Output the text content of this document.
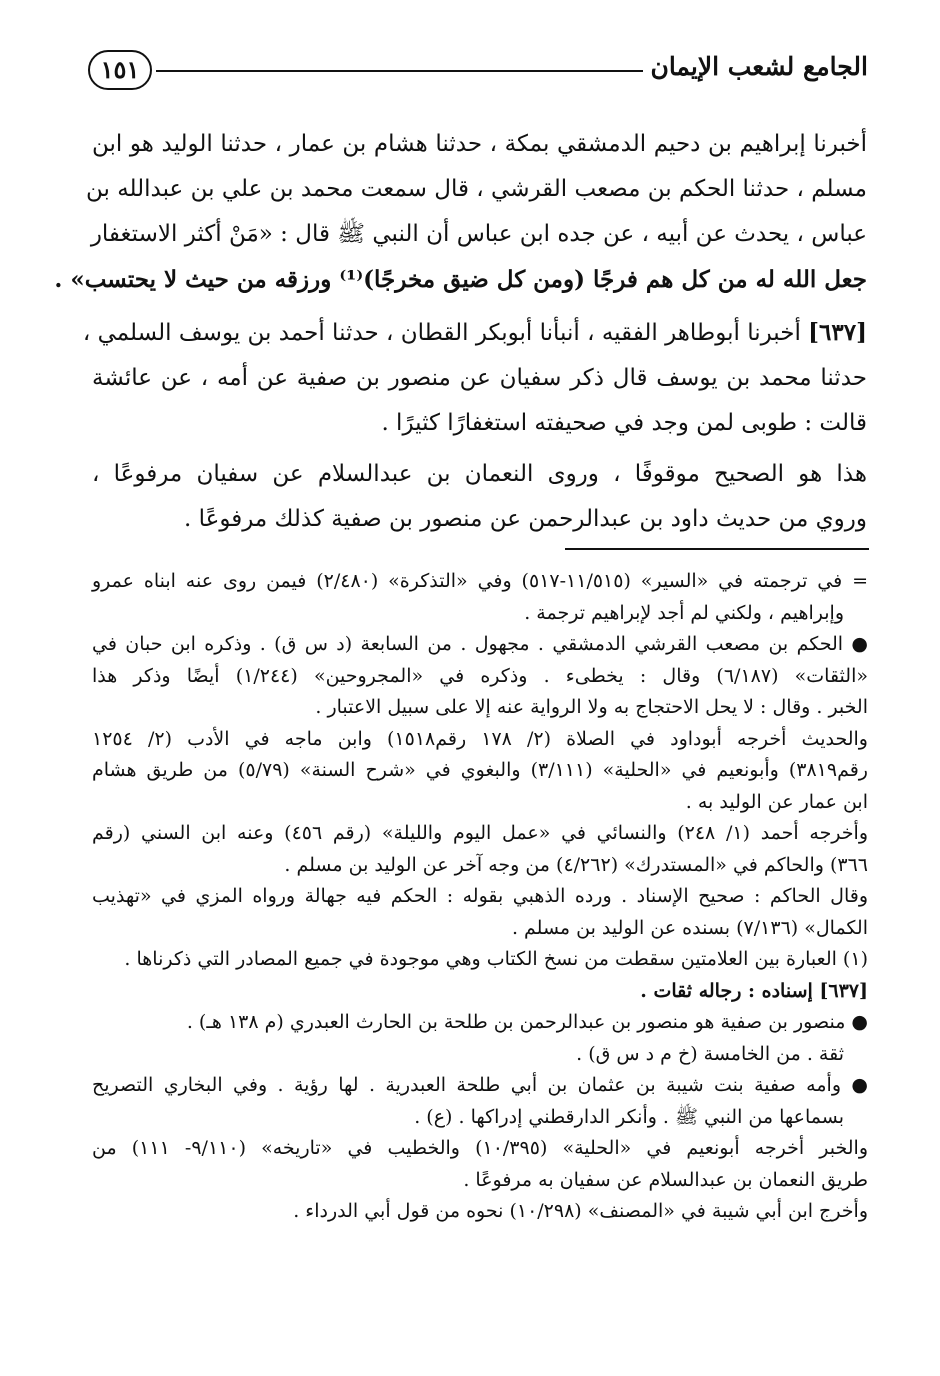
١٥١	الجامع لشعب الإيمان

أخبرنا إبراهيم بن دحيم الدمشقي بمكة ، حدثنا هشام بن عمار ، حدثنا الوليد هو ابن

مسلم ، حدثنا الحكم بن مصعب القرشي ، قال سمعت محمد بن علي بن عبدالله بن

عباس ، يحدث عن أبيه ، عن جده ابن عباس أن النبي ﷺ قال : «مَنْ أكثر الاستغفار

جعل الله له من كل هم فرجًا (ومن كل ضيق مخرجًا)⁽¹⁾ ورزقه من حيث لا يحتسب» .

[٦٣٧] أخبرنا أبوطاهر الفقيه ، أنبأنا أبوبكر القطان ، حدثنا أحمد بن يوسف السلمي ،

حدثنا محمد بن يوسف قال ذكر سفيان عن منصور بن صفية عن أمه ، عن عائشة

قالت : طوبى لمن وجد في صحيفته استغفارًا كثيرًا .

هذا هو الصحيح موقوفًا ، وروى النعمان بن عبدالسلام عن سفيان مرفوعًا ،

وروي من حديث داود بن عبدالرحمن عن منصور بن صفية كذلك مرفوعًا .

= في ترجمته في «السير» (١١/٥١٥-٥١٧) وفي «التذكرة» (٢/٤٨٠) فيمن روى عنه ابناه عمرو

وإبراهيم ، ولكني لم أجد لإبراهيم ترجمة .

● الحكم بن مصعب القرشي الدمشقي . مجهول . من السابعة (د س ق) . وذكره ابن حبان في

«الثقات» (٦/١٨٧) وقال : يخطىء . وذكره في «المجروحين» (١/٢٤٤) أيضًا وذكر هذا

الخبر . وقال : لا يحل الاحتجاج به ولا الرواية عنه إلا على سبيل الاعتبار .

والحديث أخرجه أبوداود في الصلاة (٢/ ١٧٨ رقم١٥١٨) وابن ماجه في الأدب (٢/ ١٢٥٤

رقم٣٨١٩) وأبونعيم في «الحلية» (٣/١١١) والبغوي في «شرح السنة» (٥/٧٩) من طريق هشام

ابن عمار عن الوليد به .

وأخرجه أحمد (١/ ٢٤٨) والنسائي في «عمل اليوم والليلة» (رقم ٤٥٦) وعنه ابن السني (رقم

٣٦٦) والحاكم في «المستدرك» (٤/٢٦٢) من وجه آخر عن الوليد بن مسلم .

وقال الحاكم : صحيح الإسناد . ورده الذهبي بقوله : الحكم فيه جهالة ورواه المزي في «تهذيب

الكمال» (٧/١٣٦) بسنده عن الوليد بن مسلم .

(١) العبارة بين العلامتين سقطت من نسخ الكتاب وهي موجودة في جميع المصادر التي ذكرناها .

[٦٣٧] إسناده : رجاله ثقات .

● منصور بن صفية هو منصور بن عبدالرحمن بن طلحة بن الحارث العبدري (م ١٣٨ هـ) .

ثقة . من الخامسة (خ م د س ق) .

● وأمه صفية بنت شيبة بن عثمان بن أبي طلحة العبدرية . لها رؤية . وفي البخاري التصريح

بسماعها من النبي ﷺ . وأنكر الدارقطني إدراكها . (ع) .

والخبر أخرجه أبونعيم في «الحلية» (١٠/٣٩٥) والخطيب في «تاريخه» (٩/١١٠- ١١١) من

طريق النعمان بن عبدالسلام عن سفيان به مرفوعًا .

وأخرج ابن أبي شيبة في «المصنف» (١٠/٢٩٨) نحوه من قول أبي الدرداء .
